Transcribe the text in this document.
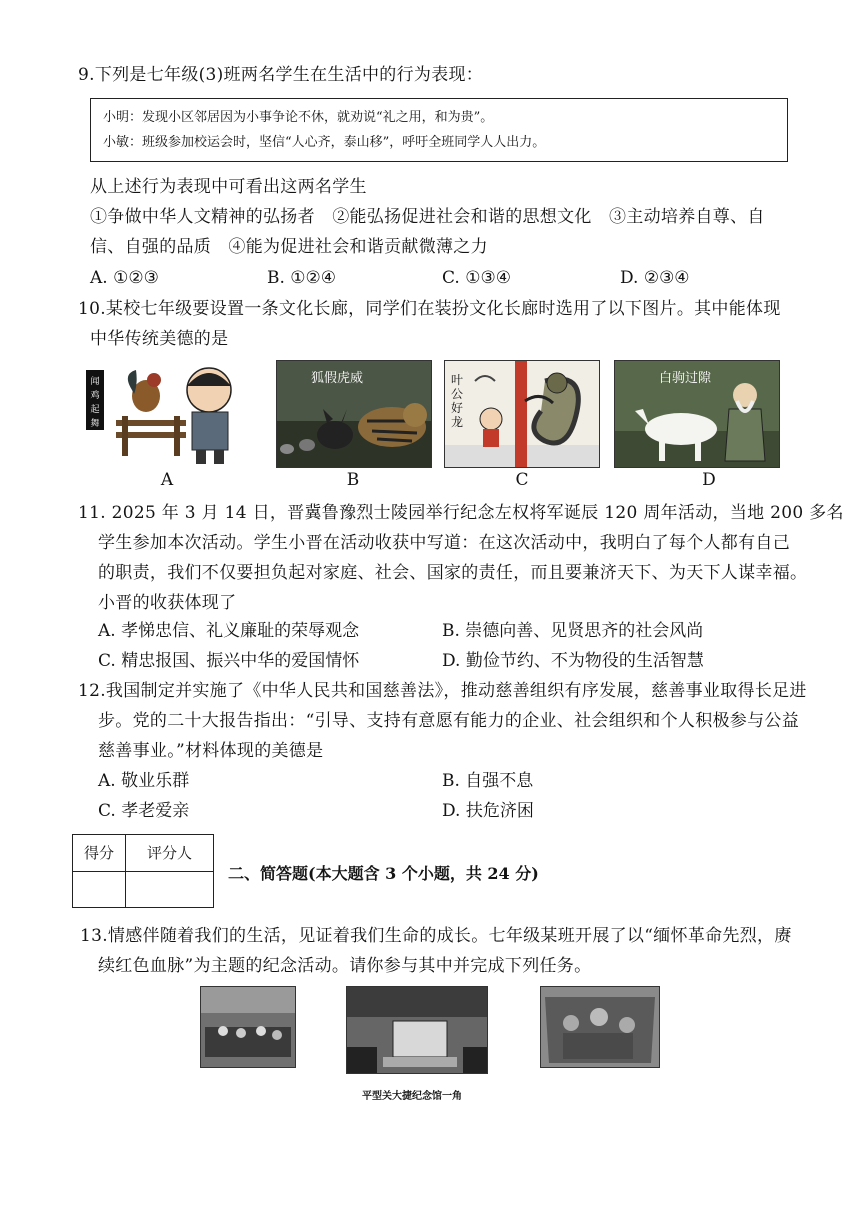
9.下列是七年级(3)班两名学生在生活中的行为表现：
小明：发现小区邻居因为小事争论不休，就劝说“礼之用，和为贵”。
小敏：班级参加校运会时，坚信“人心齐，泰山移”，呼吁全班同学人人出力。
从上述行为表现中可看出这两名学生
①争做中华人文精神的弘扬者　②能弘扬促进社会和谐的思想文化　③主动培养自尊、自
信、自强的品质　④能为促进社会和谐贡献微薄之力
A. ①②③	B. ①②④	C. ①③④	D. ②③④
10.某校七年级要设置一条文化长廊，同学们在装扮文化长廊时选用了以下图片。其中能体现
中华传统美德的是
闻
鸡
起
舞
A
狐假虎威
B
叶公好龙
C
白驹过隙
D
11. 2025 年 3 月 14 日，晋冀鲁豫烈士陵园举行纪念左权将军诞辰 120 周年活动，当地 200 多名
学生参加本次活动。学生小晋在活动收获中写道：在这次活动中，我明白了每个人都有自己
的职责，我们不仅要担负起对家庭、社会、国家的责任，而且要兼济天下、为天下人谋幸福。
小晋的收获体现了
A. 孝悌忠信、礼义廉耻的荣辱观念	B. 崇德向善、见贤思齐的社会风尚
C. 精忠报国、振兴中华的爱国情怀	D. 勤俭节约、不为物役的生活智慧
12.我国制定并实施了《中华人民共和国慈善法》，推动慈善组织有序发展，慈善事业取得长足进
步。党的二十大报告指出：“引导、支持有意愿有能力的企业、社会组织和个人积极参与公益
慈善事业。”材料体现的美德是
A. 敬业乐群	B. 自强不息
C. 孝老爱亲	D. 扶危济困
得分	评分人
二、简答题(本大题含 3 个小题，共 24 分)
13.情感伴随着我们的生活，见证着我们生命的成长。七年级某班开展了以“缅怀革命先烈，赓
续红色血脉”为主题的纪念活动。请你参与其中并完成下列任务。
平型关大捷纪念馆一角
